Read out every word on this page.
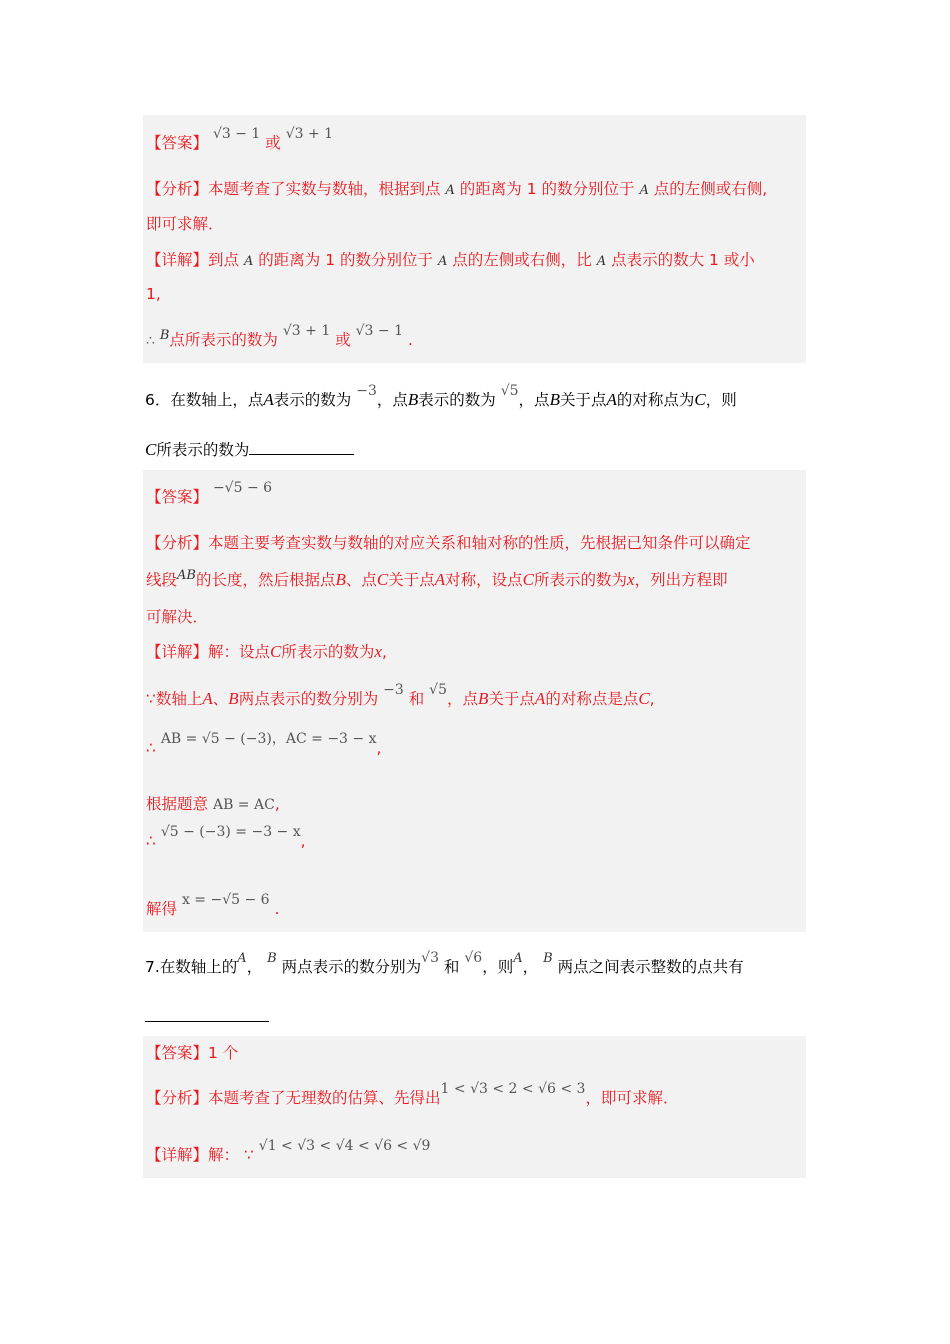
【答案】 √3 − 1 或 √3 + 1
【分析】本题考查了实数与数轴，根据到点 A 的距离为 1 的数分别位于 A 点的左侧或右侧,
即可求解．
【详解】到点 A 的距离为 1 的数分别位于 A 点的左侧或右侧，比 A 点表示的数大 1 或小
1,
∴ $^B$点所表示的数为 √3 + 1 或 √3 − 1 .
6．在数轴上，点A表示的数为 −3，点B表示的数为 √5，点B关于点A的对称点为C，则
C所表示的数为
【答案】 −√5 − 6
【分析】本题主要考查实数与数轴的对应关系和轴对称的性质，先根据已知条件可以确定
线段$^{AB}$的长度，然后根据点B、点C关于点A对称，设点C所表示的数为x，列出方程即
可解决．
【详解】解：设点C所表示的数为x,
∵数轴上A、B两点表示的数分别为 −3 和 √5，点B关于点A的对称点是点C,
∴ AB = √5 − (−3)，AC = −3 − x,
根据题意 AB = AC,
∴ √5 − (−3) = −3 − x,
解得 x = −√5 − 6 .
7.在数轴上的$^A$， $^B$ 两点表示的数分别为√3 和 √6，则$^A$， $^B$ 两点之间表示整数的点共有
【答案】1 个
【分析】本题考查了无理数的估算、先得出1 < √3 < 2 < √6 < 3，即可求解．
【详解】解： ∵ √1 < √3 < √4 < √6 < √9
